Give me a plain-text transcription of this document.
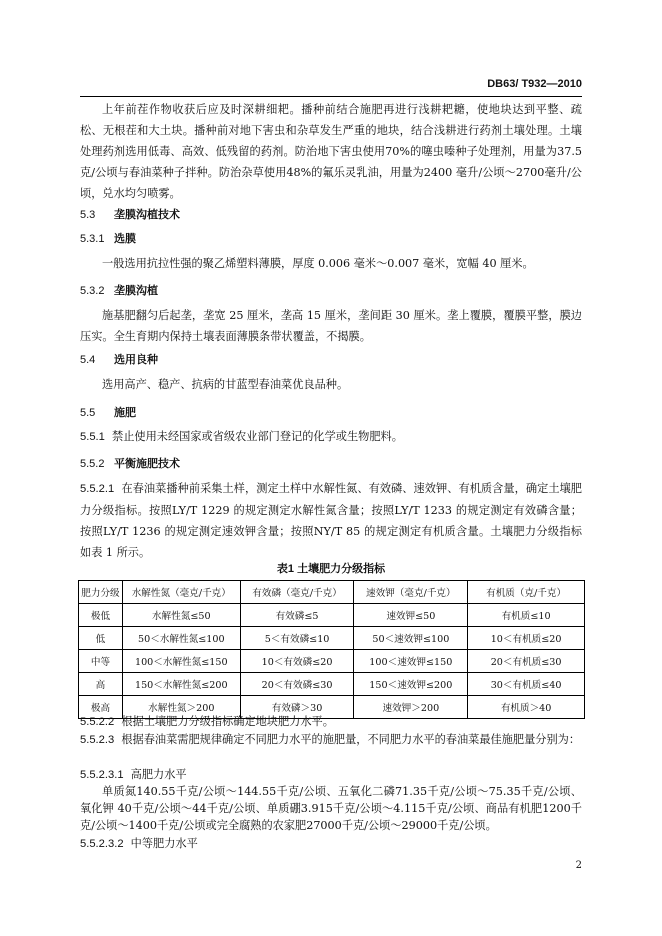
DB63/ T932—2010
上年前茬作物收获后应及时深耕细耙。播种前结合施肥再进行浅耕耙耱，使地块达到平整、疏松、无根茬和大土块。播种前对地下害虫和杂草发生严重的地块，结合浅耕进行药剂土壤处理。土壤处理药剂选用低毒、高效、低残留的药剂。防治地下害虫使用70%的噻虫嗪种子处理剂，用量为37.5克/公顷与春油菜种子拌种。防治杂草使用48%的氟乐灵乳油，用量为2400 毫升/公顷～2700毫升/公顷，兑水均匀喷雾。
5.3 垄膜沟植技术
5.3.1 选膜
一般选用抗拉性强的聚乙烯塑料薄膜，厚度 0.006 毫米～0.007 毫米，宽幅 40 厘米。
5.3.2 垄膜沟植
施基肥翻匀后起垄，垄宽 25 厘米，垄高 15 厘米，垄间距 30 厘米。垄上覆膜，覆膜平整，膜边压实。全生育期内保持土壤表面薄膜条带状覆盖，不揭膜。
5.4 选用良种
选用高产、稳产、抗病的甘蓝型春油菜优良品种。
5.5 施肥
5.5.1 禁止使用未经国家或省级农业部门登记的化学或生物肥料。
5.5.2 平衡施肥技术
5.5.2.1 在春油菜播种前采集土样，测定土样中水解性氮、有效磷、速效钾、有机质含量，确定土壤肥力分级指标。按照LY/T 1229 的规定测定水解性氮含量；按照LY/T 1233 的规定测定有效磷含量；按照LY/T 1236 的规定测定速效钾含量；按照NY/T 85 的规定测定有机质含量。土壤肥力分级指标如表 1 所示。
表1 土壤肥力分级指标
肥力分级	水解性氮（毫克/千克）	有效磷（毫克/千克）	速效钾（毫克/千克）	有机质（克/千克）
极低	水解性氮≤50	有效磷≤5	速效钾≤50	有机质≤10
低	50＜水解性氮≤100	5＜有效磷≤10	50＜速效钾≤100	10＜有机质≤20
中等	100＜水解性氮≤150	10＜有效磷≤20	100＜速效钾≤150	20＜有机质≤30
高	150＜水解性氮≤200	20＜有效磷≤30	150＜速效钾≤200	30＜有机质≤40
极高	水解性氮＞200	有效磷＞30	速效钾＞200	有机质＞40
5.5.2.2 根据土壤肥力分级指标确定地块肥力水平。
5.5.2.3 根据春油菜需肥规律确定不同肥力水平的施肥量，不同肥力水平的春油菜最佳施肥量分别为：
5.5.2.3.1 高肥力水平
单质氮140.55千克/公顷～144.55千克/公顷、五氧化二磷71.35千克/公顷～75.35千克/公顷、氧化钾 40千克/公顷～44千克/公顷、单质硼3.915千克/公顷～4.115千克/公顷、商品有机肥1200千克/公顷～1400千克/公顷或完全腐熟的农家肥27000千克/公顷～29000千克/公顷。
5.5.2.3.2 中等肥力水平
2
